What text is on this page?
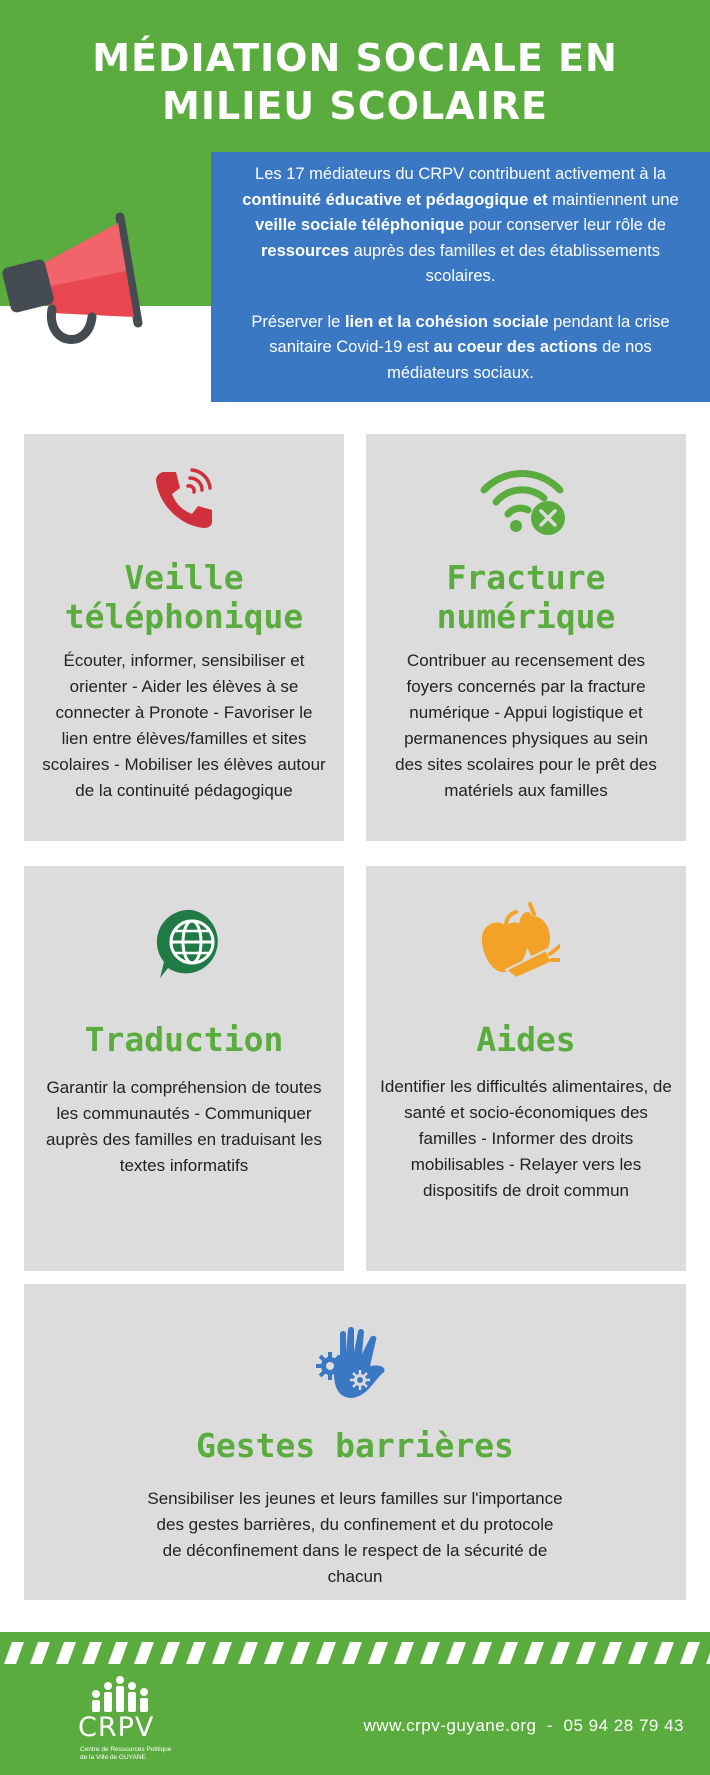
MÉDIATION SOCIALE EN
MILIEU SCOLAIRE

Les 17 médiateurs du CRPV contribuent activement à la continuité éducative et pédagogique et maintiennent une veille sociale téléphonique pour conserver leur rôle de ressources auprès des familles et des établissements scolaires.

Préserver le lien et la cohésion sociale pendant la crise sanitaire Covid-19 est au coeur des actions de nos médiateurs sociaux.

Veille
téléphonique
Écouter, informer, sensibiliser et orienter - Aider les élèves à se connecter à Pronote - Favoriser le lien entre élèves/familles et sites scolaires - Mobiliser les élèves autour de la continuité pédagogique
Fracture
numérique
Contribuer au recensement des foyers concernés par la fracture numérique - Appui logistique et permanences physiques au sein des sites scolaires pour le prêt des matériels aux familles
Traduction
Garantir la compréhension de toutes les communautés - Communiquer auprès des familles en traduisant les textes informatifs
Aides
Identifier les difficultés alimentaires, de santé et socio-économiques des familles - Informer des droits mobilisables - Relayer vers les dispositifs de droit commun
Gestes barrières
Sensibiliser les jeunes et leurs familles sur l'importance des gestes barrières, du confinement et du protocole de déconfinement dans le respect de la sécurité de chacun
CRPV
Centre de Ressources Politique
de la Ville de GUYANE
www.crpv-guyane.org  -  05 94 28 79 43
